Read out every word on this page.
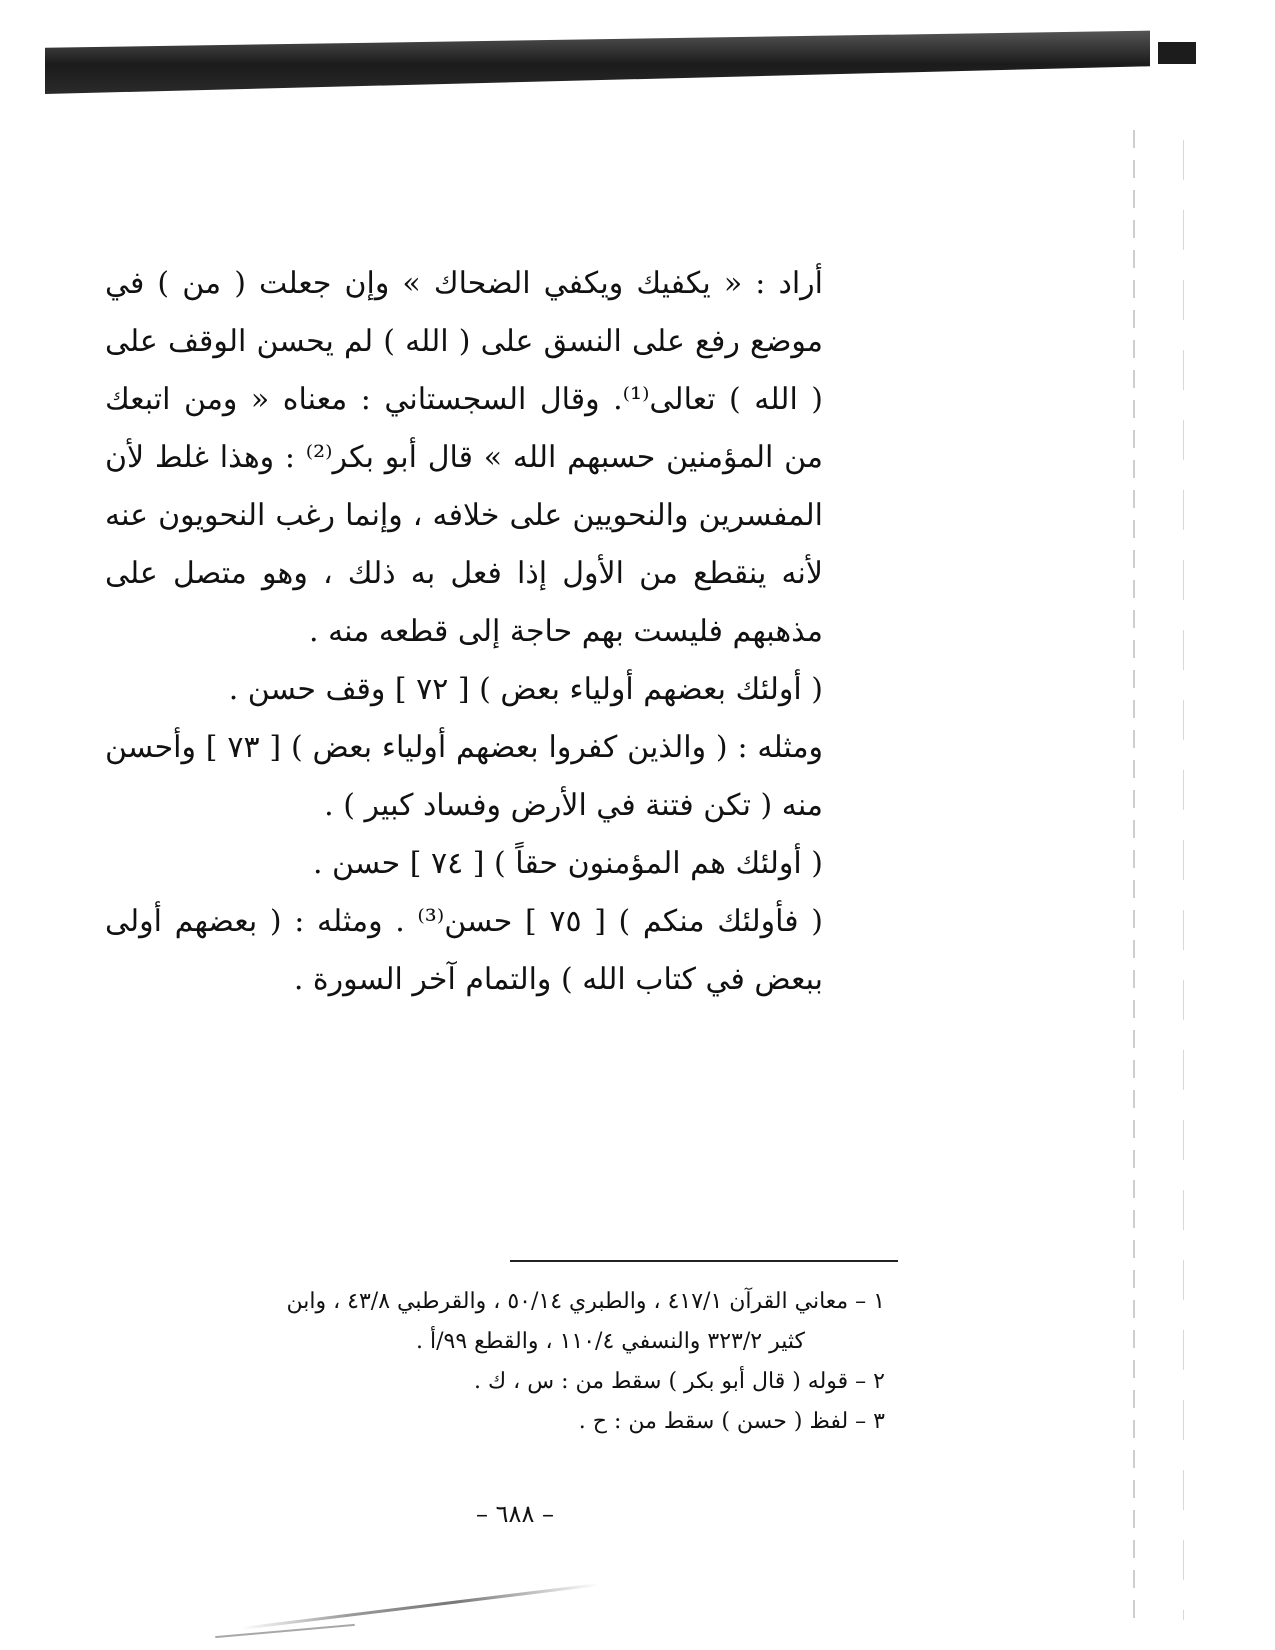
أراد : « يكفيك ويكفي الضحاك » وإن جعلت ( من ) في موضع رفع على النسق على ( الله ) لم يحسن الوقف على ( الله ) تعالى⁽¹⁾. وقال السجستاني : معناه « ومن اتبعك من المؤمنين حسبهم الله » قال أبو بكر⁽²⁾ : وهذا غلط لأن المفسرين والنحويين على خلافه ، وإنما رغب النحويون عنه لأنه ينقطع من الأول إذا فعل به ذلك ، وهو متصل على مذهبهم فليست بهم حاجة إلى قطعه منه .

( أولئك بعضهم أولياء بعض ) [ ٧٢ ] وقف حسن .

ومثله : ( والذين كفروا بعضهم أولياء بعض ) [ ٧٣ ] وأحسن منه ( تكن فتنة في الأرض وفساد كبير ) .

( أولئك هم المؤمنون حقاً ) [ ٧٤ ] حسن .

( فأولئك منكم ) [ ٧٥ ] حسن⁽³⁾ . ومثله : ( بعضهم أولى ببعض في كتاب الله ) والتمام آخر السورة .

١ – معاني القرآن ٤١٧/١ ، والطبري ٥٠/١٤ ، والقرطبي ٤٣/٨ ، وابن

كثير ٣٢٣/٢ والنسفي ١١٠/٤ ، والقطع ٩٩/أ .

٢ – قوله ( قال أبو بكر ) سقط من : س ، ك .

٣ – لفظ ( حسن ) سقط من : ح .

– ٦٨٨ –
